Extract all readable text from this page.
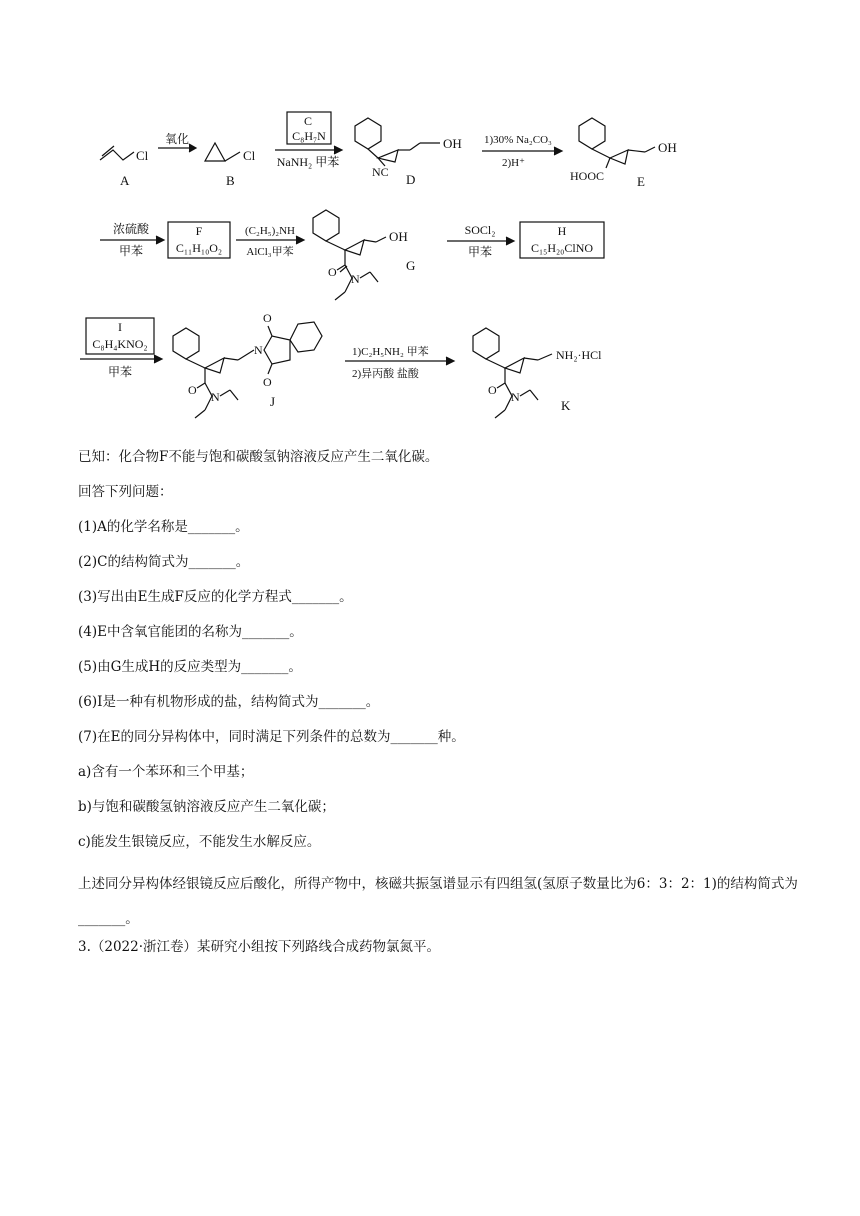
A
Cl
氧化
B
Cl
C
C₈H₇N
NaNH₂ 甲苯
NC
OH
D
1)30% Na₂CO₃
2)H⁺
HOOC
OH
E
浓硫酸
甲苯
F
C₁₁H₁₀O₂
(C₂H₅)₂NH
AlCl₃甲苯
OH
O N
G
SOCl₂
甲苯
H
C₁₅H₂₀ClNO
I
C₈H₄KNO₂
甲苯
O
O
N
O N	J
1)C₂H₅NH₂ 甲苯
2)异丙酸 盐酸
NH₂·HCl
O N
K
已知：化合物F不能与饱和碳酸氢钠溶液反应产生二氧化碳。
回答下列问题：
(1)A的化学名称是_______。
(2)C的结构简式为_______。
(3)写出由E生成F反应的化学方程式_______。
(4)E中含氧官能团的名称为_______。
(5)由G生成H的反应类型为_______。
(6)I是一种有机物形成的盐，结构简式为_______。
(7)在E的同分异构体中，同时满足下列条件的总数为_______种。
a)含有一个苯环和三个甲基；
b)与饱和碳酸氢钠溶液反应产生二氧化碳；
c)能发生银镜反应，不能发生水解反应。
上述同分异构体经银镜反应后酸化，所得产物中，核磁共振氢谱显示有四组氢(氢原子数量比为6：3：2：1)的结构简式为_______。
3.（2022·浙江卷）某研究小组按下列路线合成药物氯氮平。
